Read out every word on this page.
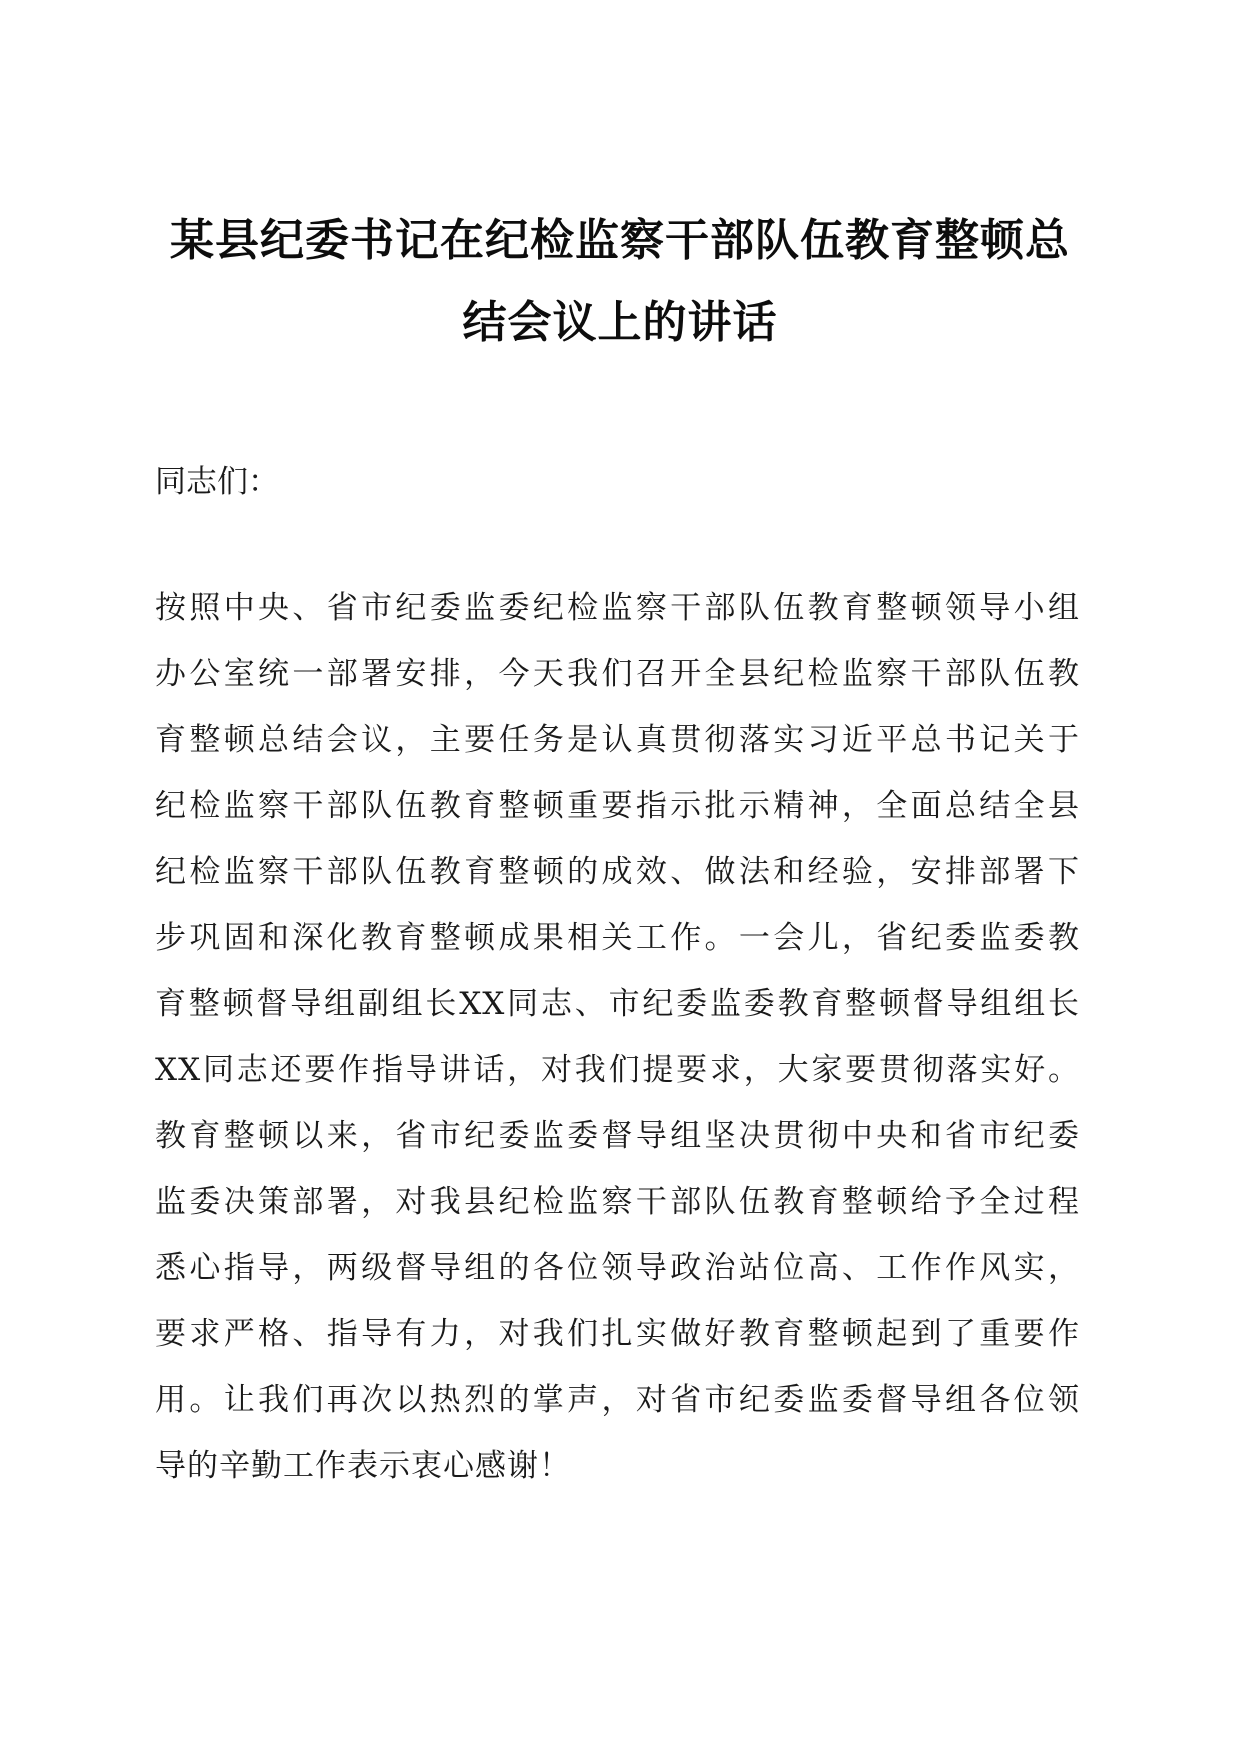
某县纪委书记在纪检监察干部队伍教育整顿总
结会议上的讲话

同志们：

按照中央、省市纪委监委纪检监察干部队伍教育整顿领导小组
办公室统一部署安排，今天我们召开全县纪检监察干部队伍教
育整顿总结会议，主要任务是认真贯彻落实习近平总书记关于
纪检监察干部队伍教育整顿重要指示批示精神，全面总结全县
纪检监察干部队伍教育整顿的成效、做法和经验，安排部署下
步巩固和深化教育整顿成果相关工作。一会儿，省纪委监委教
育整顿督导组副组长XX同志、市纪委监委教育整顿督导组组长
XX同志还要作指导讲话，对我们提要求，大家要贯彻落实好。
教育整顿以来，省市纪委监委督导组坚决贯彻中央和省市纪委
监委决策部署，对我县纪检监察干部队伍教育整顿给予全过程
悉心指导，两级督导组的各位领导政治站位高、工作作风实，
要求严格、指导有力，对我们扎实做好教育整顿起到了重要作
用。让我们再次以热烈的掌声，对省市纪委监委督导组各位领
导的辛勤工作表示衷心感谢！
